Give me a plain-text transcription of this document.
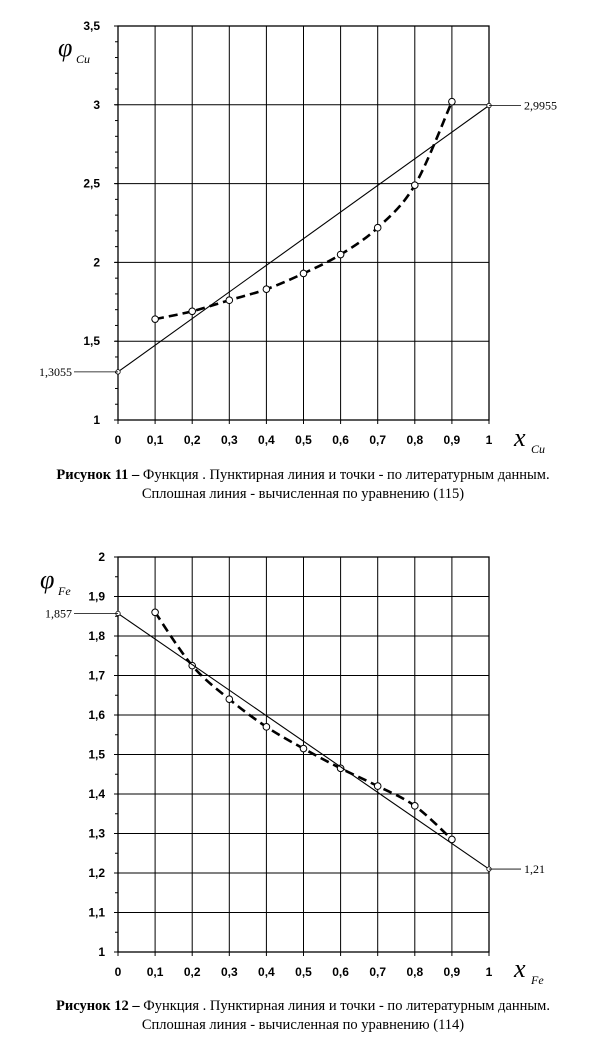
0 0,1 0,2 0,3 0,4 0,5 0,6 0,7 0,8 0,9 1
1
1,5
2
2,5
3
3,5
1,3055
2,9955
φ Cu
x Cu
0 0,1 0,2 0,3 0,4 0,5 0,6 0,7 0,8 0,9 1
1
1,1
1,2
1,3
1,4
1,5
1,6
1,7
1,8
1,9
2
1,857
1,21
φ Fe
x Fe
Рисунок 11 – Функция . Пунктирная линия и точки - по литературным данным.
Сплошная линия - вычисленная по уравнению (115)
Рисунок 12 – Функция . Пунктирная линия и точки - по литературным данным.
Сплошная линия - вычисленная по уравнению (114)
